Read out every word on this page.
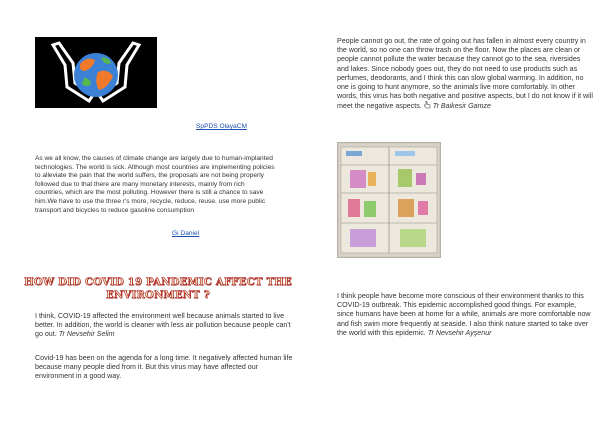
SpPDS OlayaCM
As we all know, the causes of climate change are largely due to human-implanted technologies. The world is sick. Although most countries are implementing policies to alleviate the pain that the world suffers, the proposals are not being properly followed due to that there are many monetary interests, mainly from rich countries, which are the most polluting. However there is still a chance to save him.We have to use the three r's more, recycle, reduce, reuse. use more public transport and bicycles to reduce gasoline consumption
Gi Daniel
HOW DID COVID 19 PANDEMIC AFFECT THE
ENVIRONMENT ?
I think, COVID-19 affected the environment well because animals started to live better. In addition, the world is cleaner with less air pollution because people can't go out. Tr Nevsehir Selim
Covid-19 has been on the agenda for a long time. It negatively affected human life because many people died from it. But this virus may have affected our environment in a good way.
People cannot go out, the rate of going out has fallen in almost every country in the world, so no one can throw trash on the floor. Now the places are clean or people cannot pollute the water because they cannot go to the sea, riversides and lakes. Since nobody goes out, they do not need to use products such as perfumes, deodorants, and I think this can slow global warming. In addition, no one is going to hunt anymore, so the animals live more comfortably. In other words, this virus has both negative and positive aspects, but I do not know if it will meet the negative aspects. Tr Baikesir Gamze
I think people have become more conscious of their environment thanks to this COVID-19 outbreak. This epidemic accomplished good things. For example, since humans have been at home for a while, animals are more comfortable now and fish swim more frequently at seaside. I also think nature started to take over the world with this epidemic. Tr Nevsehir Ayşenur
